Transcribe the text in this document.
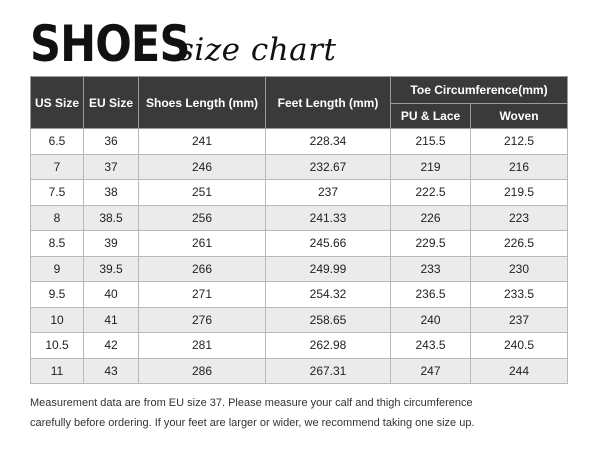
SHOES
size chart
US Size	EU Size	Shoes Length (mm)	Feet Length (mm)	Toe Circumference(mm)	
				PU & Lace	Woven
6.5	36	241	228.34	215.5	212.5
7	37	246	232.67	219	216
7.5	38	251	237	222.5	219.5
8	38.5	256	241.33	226	223
8.5	39	261	245.66	229.5	226.5
9	39.5	266	249.99	233	230
9.5	40	271	254.32	236.5	233.5
10	41	276	258.65	240	237
10.5	42	281	262.98	243.5	240.5
11	43	286	267.31	247	244
Measurement data are from EU size 37. Please measure your calf and thigh circumference
carefully before ordering. If your feet are larger or wider, we recommend taking one size up.
